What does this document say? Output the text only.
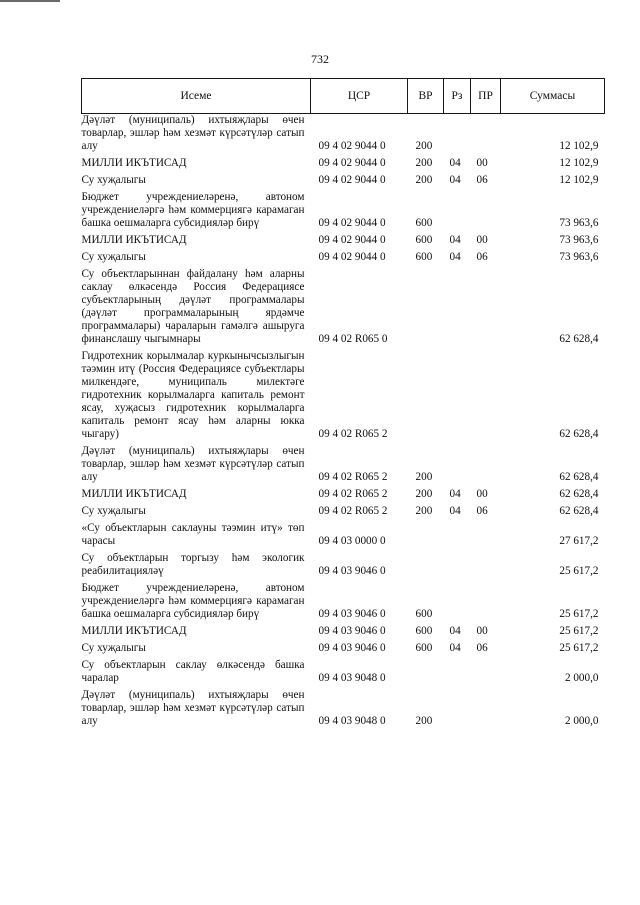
732
Исеме	ЦСР	ВР	Рз	ПР	Суммасы
Дәүләт (муниципаль) ихтыяҗлары өчен товарлар, эшләр һәм хезмәт күрсәтүләр сатып алу	09 4 02 9044 0	200			12 102,9
МИЛЛИ ИКЪТИСАД	09 4 02 9044 0	200	04	00	12 102,9
Су хуҗалыгы	09 4 02 9044 0	200	04	06	12 102,9
Бюджет учреждениеләренә, автоном учреждениеләргә һәм коммерциягә карамаган башка оешмаларга субсидияләр бирү	09 4 02 9044 0	600			73 963,6
МИЛЛИ ИКЪТИСАД	09 4 02 9044 0	600	04	00	73 963,6
Су хуҗалыгы	09 4 02 9044 0	600	04	06	73 963,6
Су объектларыннан файдалану һәм аларны саклау өлкәсендә Россия Федерациясе субъектларының дәүләт программалары (дәүләт программаларының ярдәмче программалары) чараларын гамәлгә ашыруга финанслашу чыгымнары	09 4 02 R065 0				62 628,4
Гидротехник корылмалар куркынычсызлыгын тәэмин итү (Россия Федерациясе субъектлары милкендәге, муниципаль милектәге гидротехник корылмаларга капиталь ремонт ясау, хуҗасыз гидротехник корылмаларга капиталь ремонт ясау һәм аларны юкка чыгару)	09 4 02 R065 2				62 628,4
Дәүләт (муниципаль) ихтыяҗлары өчен товарлар, эшләр һәм хезмәт күрсәтүләр сатып алу	09 4 02 R065 2	200			62 628,4
МИЛЛИ ИКЪТИСАД	09 4 02 R065 2	200	04	00	62 628,4
Су хуҗалыгы	09 4 02 R065 2	200	04	06	62 628,4
«Су объектларын саклауны тәэмин итү» төп чарасы	09 4 03 0000 0				27 617,2
Су объектларын торгызу һәм экологик реабилитацияләү	09 4 03 9046 0				25 617,2
Бюджет учреждениеләренә, автоном учреждениеләргә һәм коммерциягә карамаган башка оешмаларга субсидияләр бирү	09 4 03 9046 0	600			25 617,2
МИЛЛИ ИКЪТИСАД	09 4 03 9046 0	600	04	00	25 617,2
Су хуҗалыгы	09 4 03 9046 0	600	04	06	25 617,2
Су объектларын саклау өлкәсендә башка чаралар	09 4 03 9048 0				2 000,0
Дәүләт (муниципаль) ихтыяҗлары өчен товарлар, эшләр һәм хезмәт күрсәтүләр сатып алу	09 4 03 9048 0	200			2 000,0
